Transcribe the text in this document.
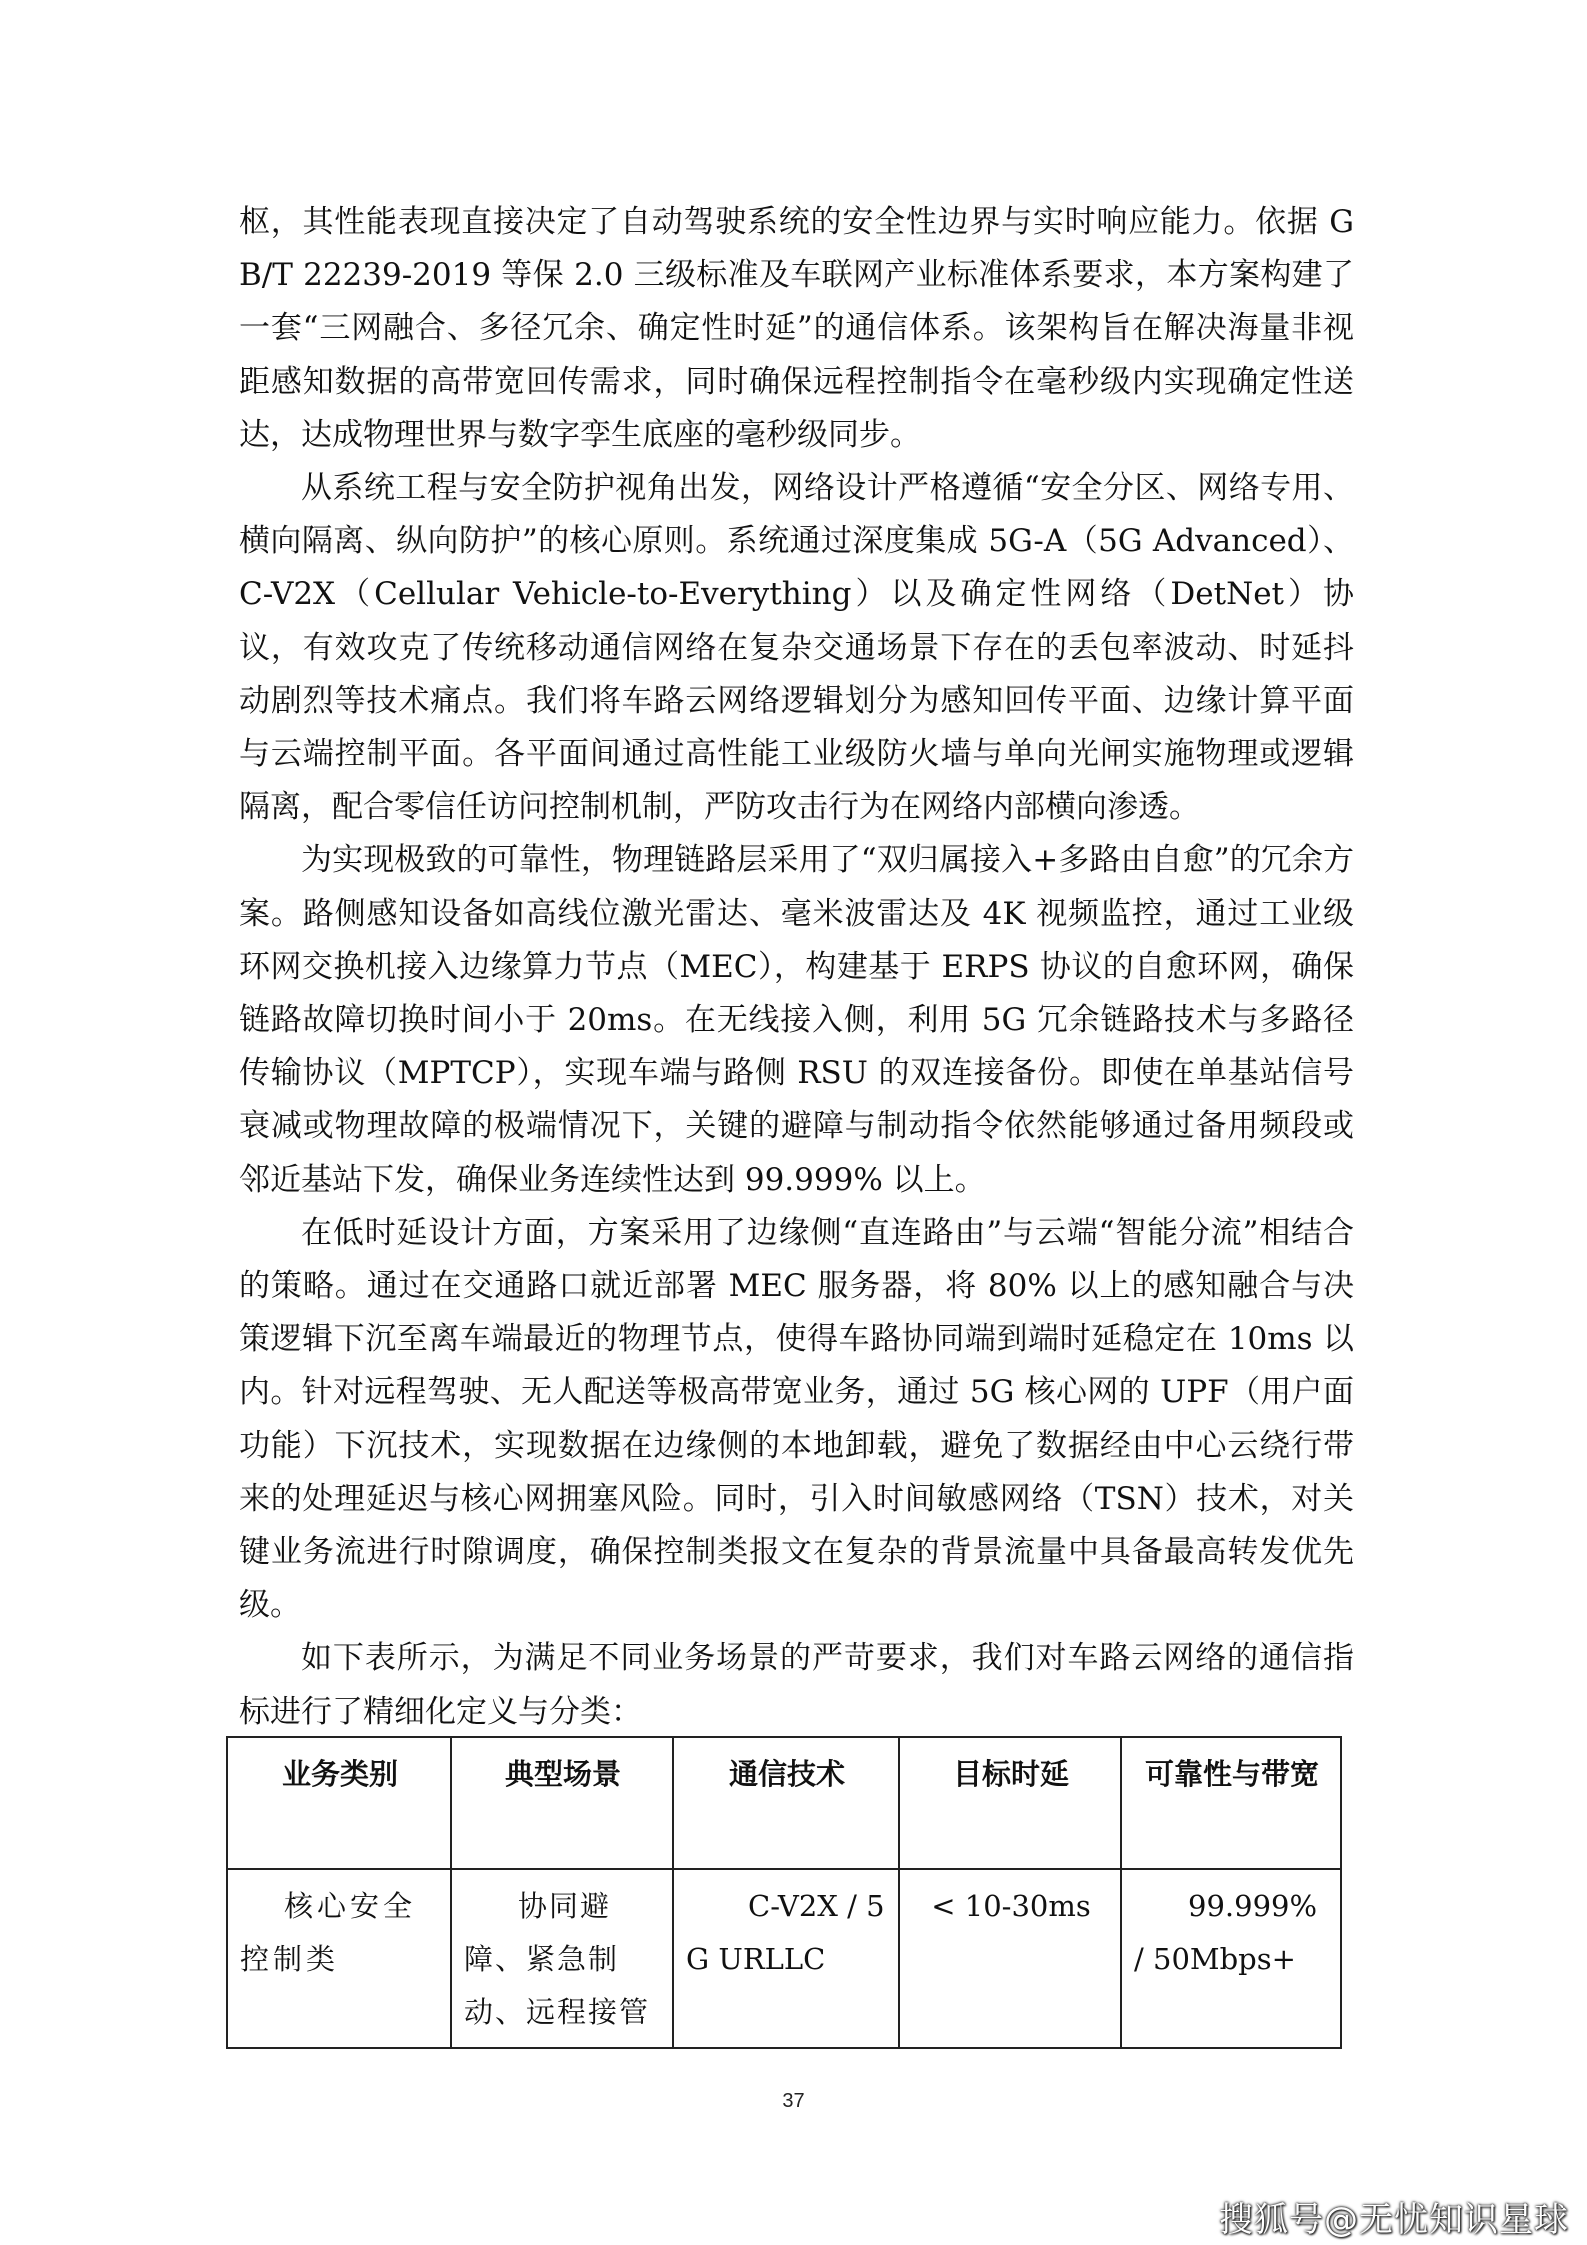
枢，其性能表现直接决定了自动驾驶系统的安全性边界与实时响应能力。依据 GB/T 22239-2019 等保 2.0 三级标准及车联网产业标准体系要求，本方案构建了一套“三网融合、多径冗余、确定性时延”的通信体系。该架构旨在解决海量非视距感知数据的高带宽回传需求，同时确保远程控制指令在毫秒级内实现确定性送达，达成物理世界与数字孪生底座的毫秒级同步。

从系统工程与安全防护视角出发，网络设计严格遵循“安全分区、网络专用、横向隔离、纵向防护”的核心原则。系统通过深度集成 5G-A（5G Advanced）、C-V2X（Cellular Vehicle-to-Everything）以及确定性网络（DetNet）协议，有效攻克了传统移动通信网络在复杂交通场景下存在的丢包率波动、时延抖动剧烈等技术痛点。我们将车路云网络逻辑划分为感知回传平面、边缘计算平面与云端控制平面。各平面间通过高性能工业级防火墙与单向光闸实施物理或逻辑隔离，配合零信任访问控制机制，严防攻击行为在网络内部横向渗透。

为实现极致的可靠性，物理链路层采用了“双归属接入+多路由自愈”的冗余方案。路侧感知设备如高线位激光雷达、毫米波雷达及 4K 视频监控，通过工业级环网交换机接入边缘算力节点（MEC），构建基于 ERPS 协议的自愈环网，确保链路故障切换时间小于 20ms。在无线接入侧，利用 5G 冗余链路技术与多路径传输协议（MPTCP），实现车端与路侧 RSU 的双连接备份。即使在单基站信号衰减或物理故障的极端情况下，关键的避障与制动指令依然能够通过备用频段或邻近基站下发，确保业务连续性达到 99.999% 以上。

在低时延设计方面，方案采用了边缘侧“直连路由”与云端“智能分流”相结合的策略。通过在交通路口就近部署 MEC 服务器，将 80% 以上的感知融合与决策逻辑下沉至离车端最近的物理节点，使得车路协同端到端时延稳定在 10ms 以内。针对远程驾驶、无人配送等极高带宽业务，通过 5G 核心网的 UPF（用户面功能）下沉技术，实现数据在边缘侧的本地卸载，避免了数据经由中心云绕行带来的处理延迟与核心网拥塞风险。同时，引入时间敏感网络（TSN）技术，对关键业务流进行时隙调度，确保控制类报文在复杂的背景流量中具备最高转发优先级。

如下表所示，为满足不同业务场景的严苛要求，我们对车路云网络的通信指标进行了精细化定义与分类：

业务类别	典型场景	通信技术	目标时延	可靠性与带宽
核心安全控制类	协同避障、紧急制动、远程接管	C-V2X / 5G URLLC	< 10-30ms	99.999% / 50Mbps+
37
搜狐号@无忧知识星球
